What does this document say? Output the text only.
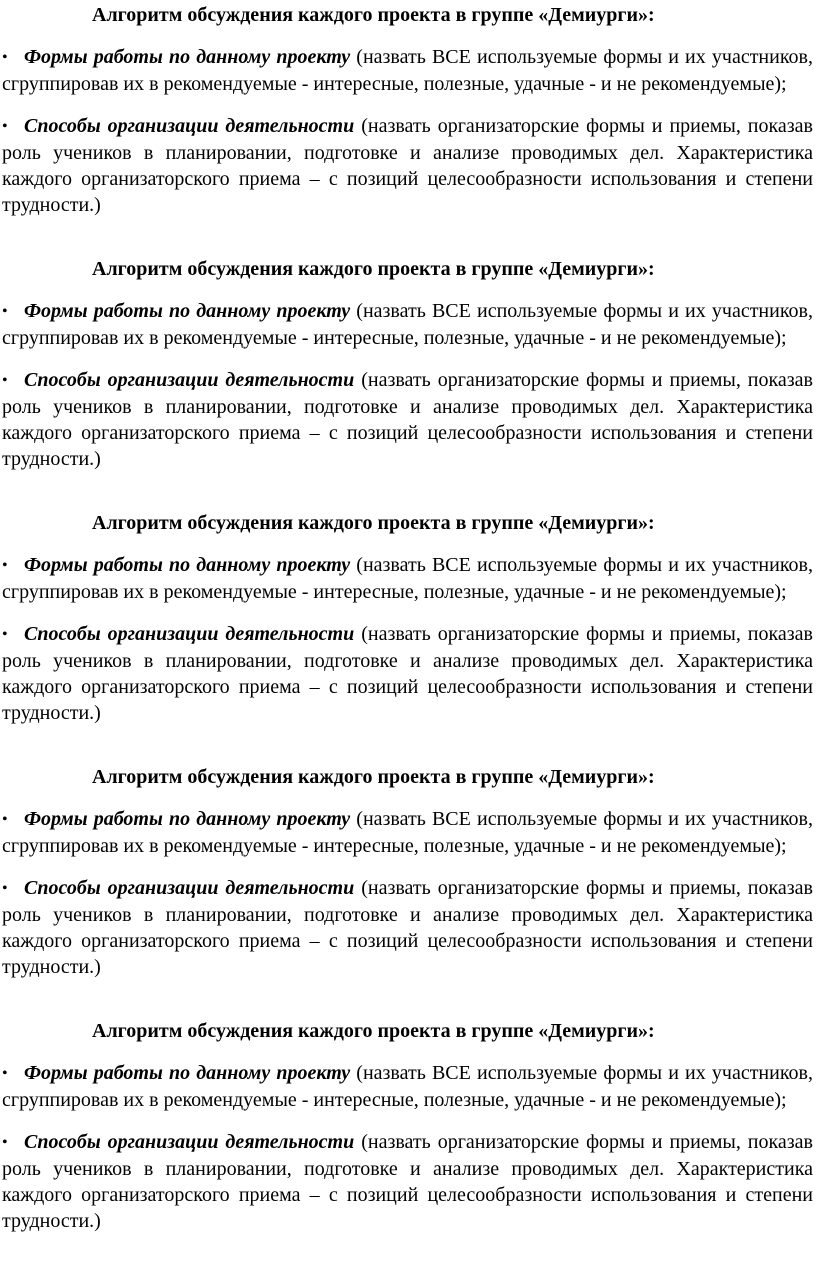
Алгоритм обсуждения каждого проекта в группе «Демиурги»:

• Формы работы по данному проекту (назвать ВСЕ используемые формы и их участников, сгруппировав их в рекомендуемые - интересные, полезные, удачные - и не рекомендуемые);

• Способы организации деятельности (назвать организаторские формы и приемы, показав роль учеников в планировании, подготовке и анализе проводимых дел. Характеристика каждого организаторского приема – с позиций целесообразности использования и степени трудности.)

Алгоритм обсуждения каждого проекта в группе «Демиурги»:

• Формы работы по данному проекту (назвать ВСЕ используемые формы и их участников, сгруппировав их в рекомендуемые - интересные, полезные, удачные - и не рекомендуемые);

• Способы организации деятельности (назвать организаторские формы и приемы, показав роль учеников в планировании, подготовке и анализе проводимых дел. Характеристика каждого организаторского приема – с позиций целесообразности использования и степени трудности.)

Алгоритм обсуждения каждого проекта в группе «Демиурги»:

• Формы работы по данному проекту (назвать ВСЕ используемые формы и их участников, сгруппировав их в рекомендуемые - интересные, полезные, удачные - и не рекомендуемые);

• Способы организации деятельности (назвать организаторские формы и приемы, показав роль учеников в планировании, подготовке и анализе проводимых дел. Характеристика каждого организаторского приема – с позиций целесообразности использования и степени трудности.)

Алгоритм обсуждения каждого проекта в группе «Демиурги»:

• Формы работы по данному проекту (назвать ВСЕ используемые формы и их участников, сгруппировав их в рекомендуемые - интересные, полезные, удачные - и не рекомендуемые);

• Способы организации деятельности (назвать организаторские формы и приемы, показав роль учеников в планировании, подготовке и анализе проводимых дел. Характеристика каждого организаторского приема – с позиций целесообразности использования и степени трудности.)

Алгоритм обсуждения каждого проекта в группе «Демиурги»:

• Формы работы по данному проекту (назвать ВСЕ используемые формы и их участников, сгруппировав их в рекомендуемые - интересные, полезные, удачные - и не рекомендуемые);

• Способы организации деятельности (назвать организаторские формы и приемы, показав роль учеников в планировании, подготовке и анализе проводимых дел. Характеристика каждого организаторского приема – с позиций целесообразности использования и степени трудности.)
